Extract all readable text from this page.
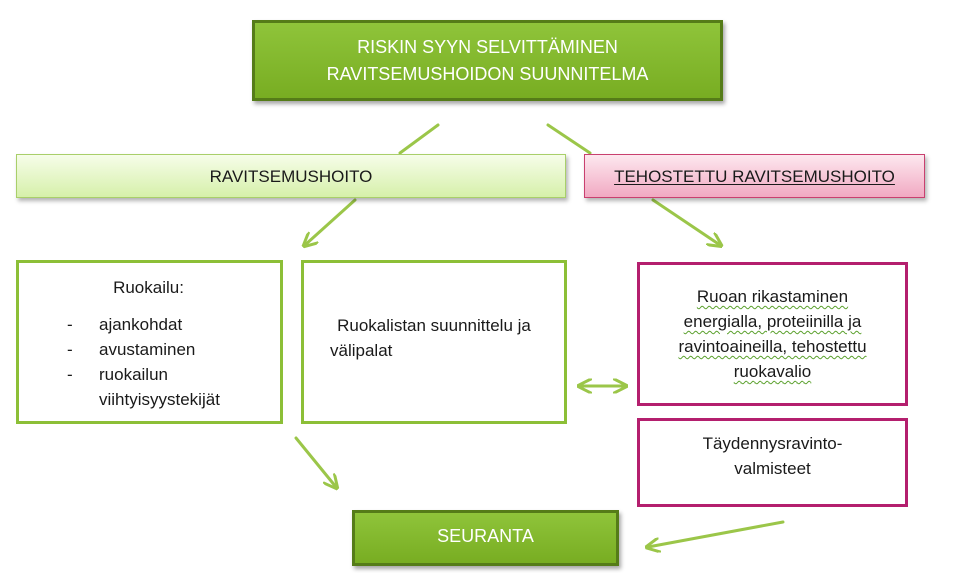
RISKIN SYYN SELVITTÄMINEN
RAVITSEMUSHOIDON SUUNNITELMA
RAVITSEMUSHOITO	TEHOSTETTU RAVITSEMUSHOITO
Ruokailu:
- ajankohdat
- avustaminen
- ruokailun viihtyisyystekijät
Ruokalistan suunnittelu ja
välipalat
Ruoan rikastaminen
energialla, proteiinilla ja
ravintoaineilla, tehostettu
ruokavalio
Täydennysravinto-
valmisteet
SEURANTA
